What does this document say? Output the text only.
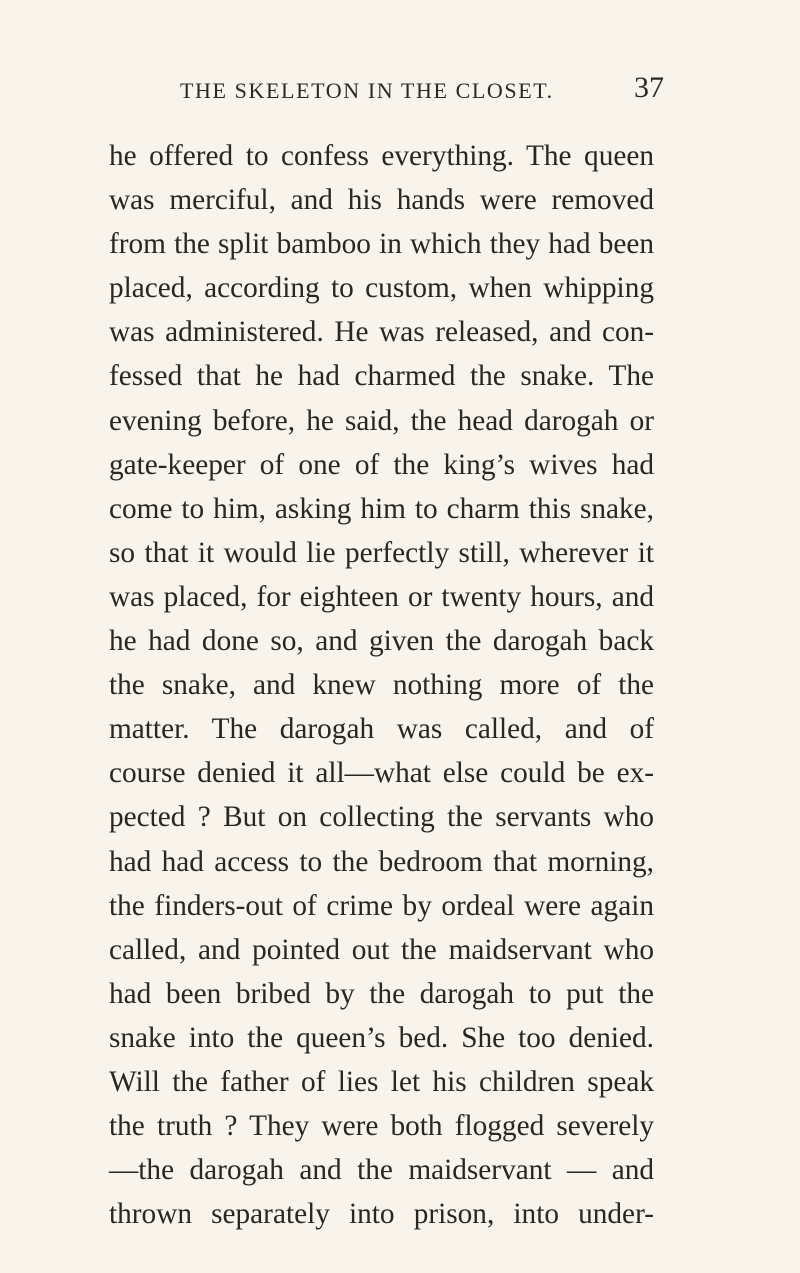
THE SKELETON IN THE CLOSET.	37
he offered to confess everything. The queen
was merciful, and his hands were removed
from the split bamboo in which they had been
placed, according to custom, when whipping
was administered. He was released, and con-
fessed that he had charmed the snake. The
evening before, he said, the head darogah or
gate-keeper of one of the king’s wives had
come to him, asking him to charm this snake,
so that it would lie perfectly still, wherever it
was placed, for eighteen or twenty hours, and
he had done so, and given the darogah back
the snake, and knew nothing more of the
matter. The darogah was called, and of
course denied it all—what else could be ex-
pected ? But on collecting the servants who
had had access to the bedroom that morning,
the finders-out of crime by ordeal were again
called, and pointed out the maidservant who
had been bribed by the darogah to put the
snake into the queen’s bed. She too denied.
Will the father of lies let his children speak
the truth ? They were both flogged severely
—the darogah and the maidservant — and
thrown separately into prison, into under-
